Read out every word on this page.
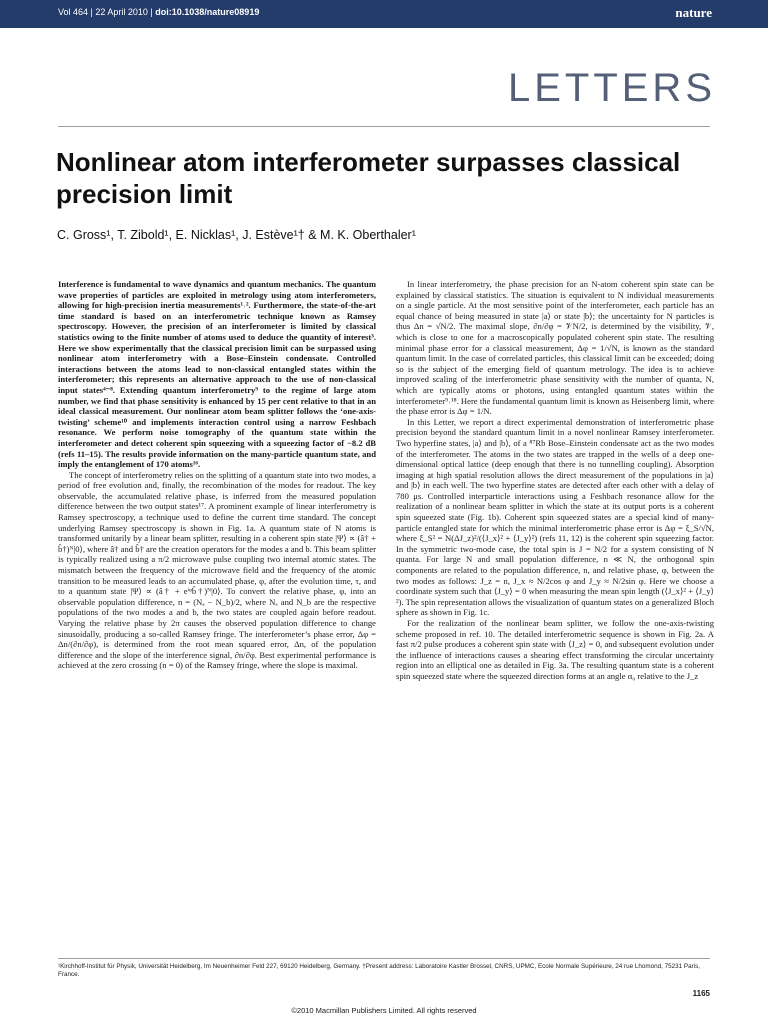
Vol 464 | 22 April 2010 | doi:10.1038/nature08919	nature
LETTERS
Nonlinear atom interferometer surpasses classical precision limit
C. Gross¹, T. Zibold¹, E. Nicklas¹, J. Estève¹† & M. K. Oberthaler¹

Interference is fundamental to wave dynamics and quantum mechanics. The quantum wave properties of particles are exploited in metrology using atom interferometers, allowing for high-precision inertia measurements¹˒². Furthermore, the state-of-the-art time standard is based on an interferometric technique known as Ramsey spectroscopy. However, the precision of an interferometer is limited by classical statistics owing to the finite number of atoms used to deduce the quantity of interest³. Here we show experimentally that the classical precision limit can be surpassed using nonlinear atom interferometry with a Bose–Einstein condensate. Controlled interactions between the atoms lead to non-classical entangled states within the interferometer; this represents an alternative approach to the use of non-classical input states⁴⁻⁸. Extending quantum interferometry⁹ to the regime of large atom number, we find that phase sensitivity is enhanced by 15 per cent relative to that in an ideal classical measurement. Our nonlinear atom beam splitter follows the ‘one-axis-twisting’ scheme¹⁰ and implements interaction control using a narrow Feshbach resonance. We perform noise tomography of the quantum state within the interferometer and detect coherent spin squeezing with a squeezing factor of −8.2 dB (refs 11–15). The results provide information on the many-particle quantum state, and imply the entanglement of 170 atoms¹⁶.

The concept of interferometry relies on the splitting of a quantum state into two modes, a period of free evolution and, finally, the recombination of the modes for readout. The key observable, the accumulated relative phase, is inferred from the measured population difference between the two output states¹⁷. A prominent example of linear interferometry is Ramsey spectroscopy, a technique used to define the current time standard. The concept underlying Ramsey spectroscopy is shown in Fig. 1a. A quantum state of N atoms is transformed unitarily by a linear beam splitter, resulting in a coherent spin state |Ψ⟩ ∝ (â† + b̂†)ᴺ|0⟩, where â† and b̂† are the creation operators for the modes a and b. This beam splitter is typically realized using a π/2 microwave pulse coupling two internal atomic states. The mismatch between the frequency of the microwave field and the frequency of the atomic transition to be measured leads to an accumulated phase, φ, after the evolution time, τ, and to a quantum state |Ψ⟩ ∝ (â† + eⁱᵠb̂†)ᴺ|0⟩. To convert the relative phase, φ, into an observable population difference, n = (Nₐ − N_b)/2, where Nₐ and N_b are the respective populations of the two modes a and b, the two states are coupled again before readout. Varying the relative phase by 2π causes the observed population difference to change sinusoidally, producing a so-called Ramsey fringe. The interferometer’s phase error, Δφ = Δn/(∂n/∂φ), is determined from the root mean squared error, Δn, of the population difference and the slope of the interference signal, ∂n/∂φ. Best experimental performance is achieved at the zero crossing (n = 0) of the Ramsey fringe, where the slope is maximal.

In linear interferometry, the phase precision for an N-atom coherent spin state can be explained by classical statistics. The situation is equivalent to N individual measurements on a single particle. At the most sensitive point of the interferometer, each particle has an equal chance of being measured in state |a⟩ or state |b⟩; the uncertainty for N particles is thus Δn = √N/2. The maximal slope, ∂n/∂φ = 𝒱N/2, is determined by the visibility, 𝒱, which is close to one for a macroscopically populated coherent spin state. The resulting minimal phase error for a classical measurement, Δφ = 1/√N, is known as the standard quantum limit. In the case of correlated particles, this classical limit can be exceeded; doing so is the subject of the emerging field of quantum metrology. The idea is to achieve improved scaling of the interferometric phase sensitivity with the number of quanta, N, which are typically atoms or photons, using entangled quantum states within the interferometer⁹˒¹⁸. Here the fundamental quantum limit is known as Heisenberg limit, where the phase error is Δφ = 1/N.

In this Letter, we report a direct experimental demonstration of interferometric phase precision beyond the standard quantum limit in a novel nonlinear Ramsey interferometer. Two hyperfine states, |a⟩ and |b⟩, of a ⁸⁷Rb Bose–Einstein condensate act as the two modes of the interferometer. The atoms in the two states are trapped in the wells of a deep one-dimensional optical lattice (deep enough that there is no tunnelling coupling). Absorption imaging at high spatial resolution allows the direct measurement of the populations in |a⟩ and |b⟩ in each well. The two hyperfine states are detected after each other with a delay of 780 μs. Controlled interparticle interactions using a Feshbach resonance allow for the realization of a nonlinear beam splitter in which the state at its output ports is a coherent spin squeezed state (Fig. 1b). Coherent spin squeezed states are a special kind of many-particle entangled state for which the minimal interferometric phase error is Δφ = ξ_S/√N, where ξ_S² = N(ΔJ_z)²/(⟨J_x⟩² + ⟨J_y⟩²) (refs 11, 12) is the coherent spin squeezing factor. In the symmetric two-mode case, the total spin is J = N/2 for a system consisting of N quanta. For large N and small population difference, n ≪ N, the orthogonal spin components are related to the population difference, n, and relative phase, φ, between the two modes as follows: J_z = n, J_x ≈ N/2cos φ and J_y ≈ N/2sin φ. Here we choose a coordinate system such that ⟨J_y⟩ = 0 when measuring the mean spin length (⟨J_x⟩² + ⟨J_y⟩²). The spin representation allows the visualization of quantum states on a generalized Bloch sphere as shown in Fig. 1c.

For the realization of the nonlinear beam splitter, we follow the one-axis-twisting scheme proposed in ref. 10. The detailed interferometric sequence is shown in Fig. 2a. A fast π/2 pulse produces a coherent spin state with ⟨J_z⟩ = 0, and subsequent evolution under the influence of interactions causes a shearing effect transforming the circular uncertainty region into an elliptical one as detailed in Fig. 3a. The resulting quantum state is a coherent spin squeezed state where the squeezed direction forms at an angle α₀ relative to the J_z

¹Kirchhoff-Institut für Physik, Universität Heidelberg, Im Neuenheimer Feld 227, 69120 Heidelberg, Germany. †Present address: Laboratoire Kastler Brossel, CNRS, UPMC, Ecole Normale Supérieure, 24 rue Lhomond, 75231 Paris, France.
1165
©2010 Macmillan Publishers Limited. All rights reserved
